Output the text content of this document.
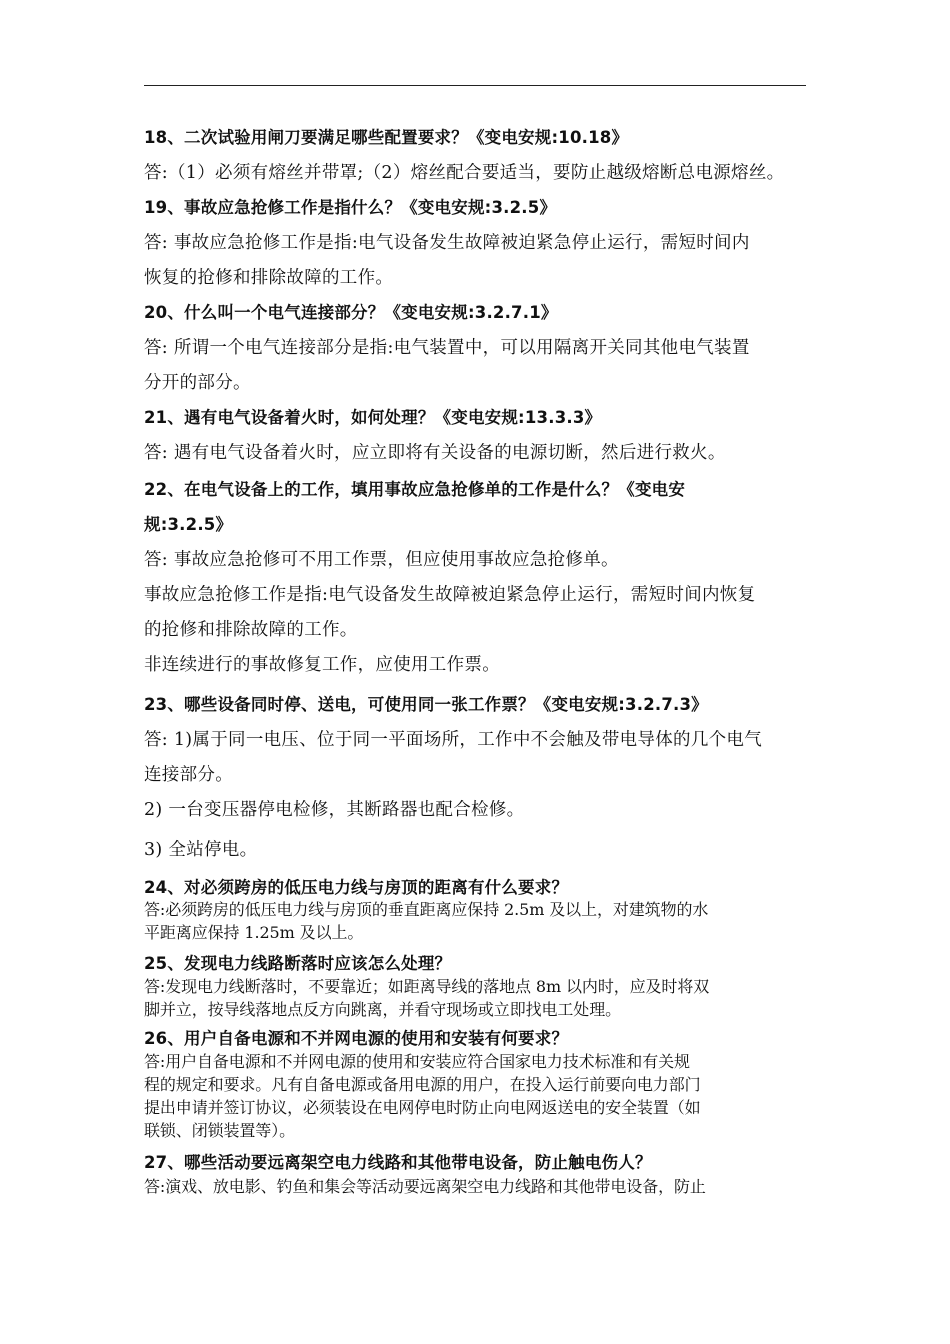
18、二次试验用闸刀要满足哪些配置要求？《变电安规:10.18》
答:（1）必须有熔丝并带罩;（2）熔丝配合要适当，要防止越级熔断总电源熔丝。
19、事故应急抢修工作是指什么？《变电安规:3.2.5》
答: 事故应急抢修工作是指:电气设备发生故障被迫紧急停止运行，需短时间内
恢复的抢修和排除故障的工作。
20、什么叫一个电气连接部分？《变电安规:3.2.7.1》
答: 所谓一个电气连接部分是指:电气装置中，可以用隔离开关同其他电气装置
分开的部分。
21、遇有电气设备着火时，如何处理？《变电安规:13.3.3》
答: 遇有电气设备着火时，应立即将有关设备的电源切断，然后进行救火。
22、在电气设备上的工作，填用事故应急抢修单的工作是什么？《变电安
规:3.2.5》
答: 事故应急抢修可不用工作票，但应使用事故应急抢修单。
事故应急抢修工作是指:电气设备发生故障被迫紧急停止运行，需短时间内恢复
的抢修和排除故障的工作。
非连续进行的事故修复工作，应使用工作票。
23、哪些设备同时停、送电，可使用同一张工作票？《变电安规:3.2.7.3》
答: 1)属于同一电压、位于同一平面场所，工作中不会触及带电导体的几个电气
连接部分。
2) 一台变压器停电检修，其断路器也配合检修。
3) 全站停电。
24、对必须跨房的低压电力线与房顶的距离有什么要求？
答:必须跨房的低压电力线与房顶的垂直距离应保持 2.5m 及以上，对建筑物的水
平距离应保持 1.25m 及以上。
25、发现电力线路断落时应该怎么处理？
答:发现电力线断落时，不要靠近；如距离导线的落地点 8m 以内时，应及时将双
脚并立，按导线落地点反方向跳离，并看守现场或立即找电工处理。
26、用户自备电源和不并网电源的使用和安装有何要求？
答:用户自备电源和不并网电源的使用和安装应符合国家电力技术标准和有关规
程的规定和要求。凡有自备电源或备用电源的用户，在投入运行前要向电力部门
提出申请并签订协议，必须装设在电网停电时防止向电网返送电的安全装置（如
联锁、闭锁装置等）。
27、哪些活动要远离架空电力线路和其他带电设备，防止触电伤人？
答:演戏、放电影、钓鱼和集会等活动要远离架空电力线路和其他带电设备，防止
